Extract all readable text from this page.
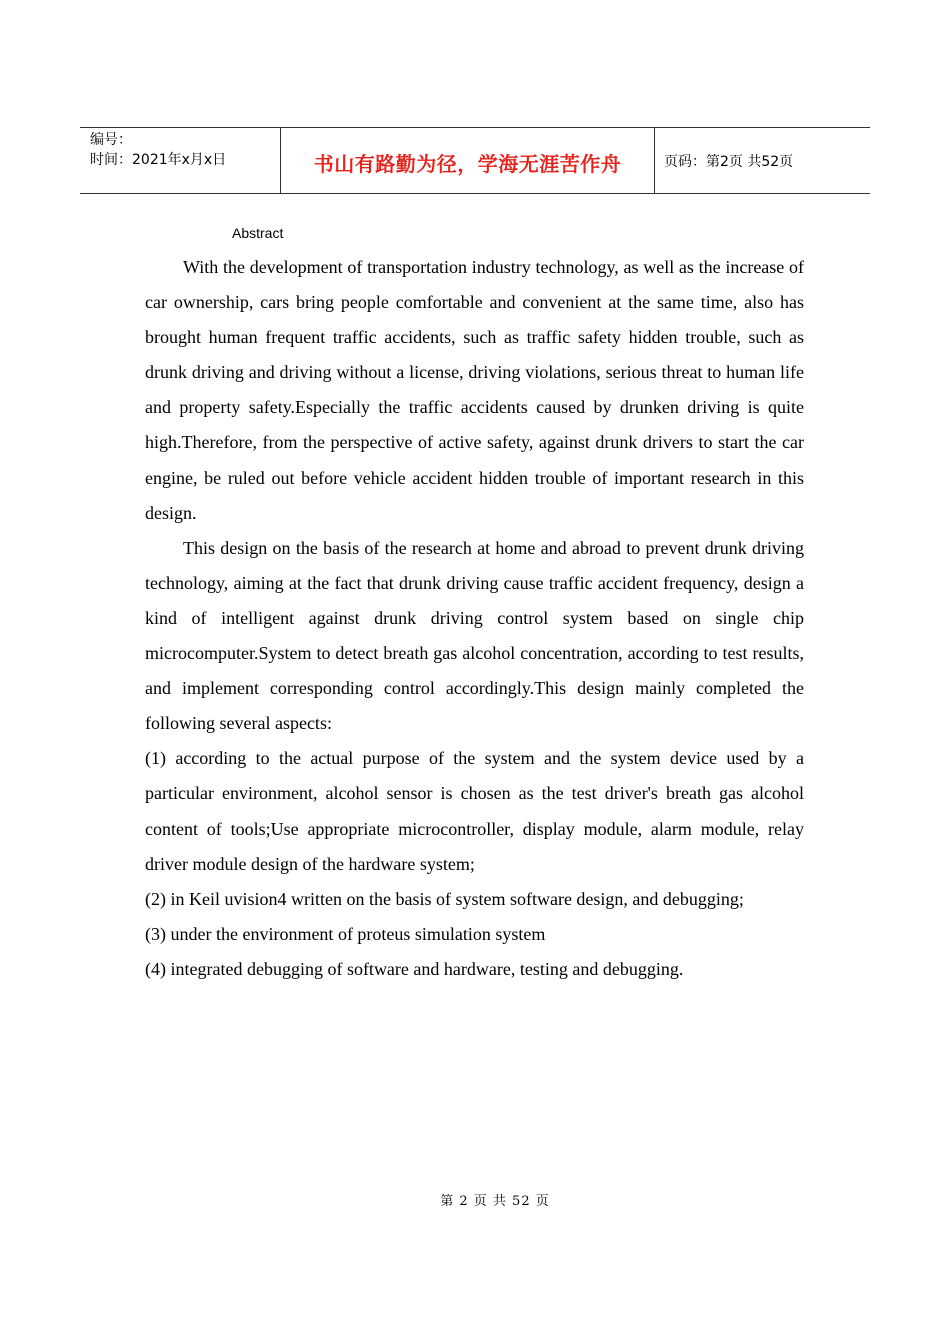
编号：
时间：2021年x月x日	书山有路勤为径，学海无涯苦作舟	页码：第2页 共52页
Abstract

With the development of transportation industry technology, as well as the increase of car ownership, cars bring people comfortable and convenient at the same time, also has brought human frequent traffic accidents, such as traffic safety hidden trouble, such as drunk driving and driving without a license, driving violations, serious threat to human life and property safety.Especially the traffic accidents caused by drunken driving is quite high.Therefore, from the perspective of active safety, against drunk drivers to start the car engine, be ruled out before vehicle accident hidden trouble of important research in this design.

This design on the basis of the research at home and abroad to prevent drunk driving technology, aiming at the fact that drunk driving cause traffic accident frequency, design a kind of intelligent against drunk driving control system based on single chip microcomputer.System to detect breath gas alcohol concentration, according to test results, and implement corresponding control accordingly.This design mainly completed the following several aspects:

(1) according to the actual purpose of the system and the system device used by a particular environment, alcohol sensor is chosen as the test driver's breath gas alcohol content of tools;Use appropriate microcontroller, display module, alarm module, relay driver module design of the hardware system;

(2) in Keil uvision4 written on the basis of system software design, and debugging;

(3) under the environment of proteus simulation system

(4) integrated debugging of software and hardware, testing and debugging.

第 2 页 共 52 页
